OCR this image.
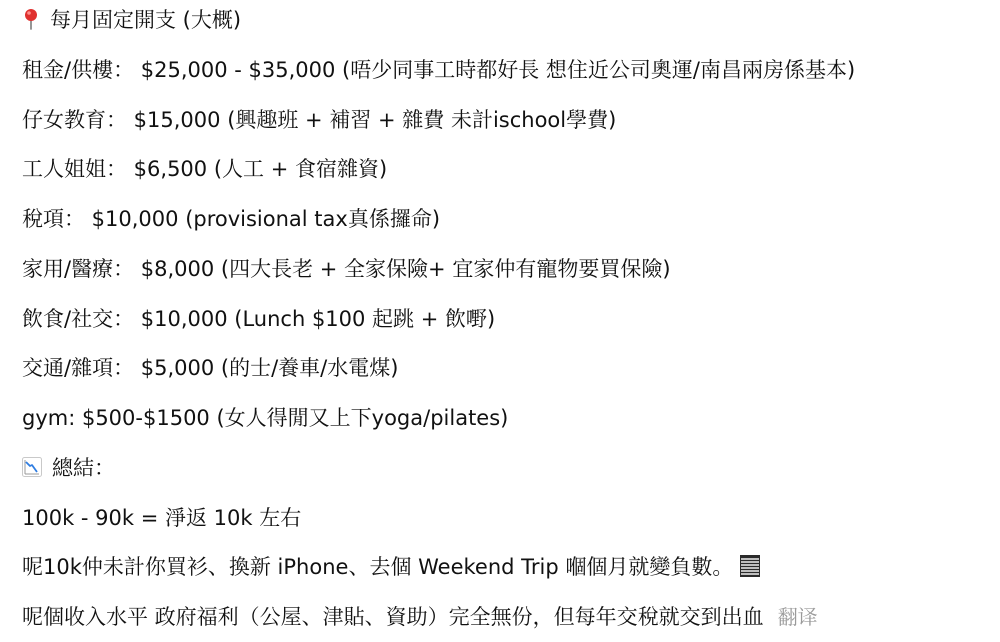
每月固定開支 (大概)
租金/供樓： $25,000 - $35,000 (唔少同事工時都好長 想住近公司奧運/南昌兩房係基本)
仔女教育： $15,000 (興趣班 + 補習 + 雜費 未計ischool學費)
工人姐姐： $6,500 (人工 + 食宿雜資)
稅項： $10,000 (provisional tax真係攞命)
家用/醫療： $8,000 (四大長老 + 全家保險+ 宜家仲有寵物要買保險)
飲食/社交： $10,000 (Lunch $100 起跳 + 飲嘢)
交通/雜項： $5,000 (的士/養車/水電煤)
gym: $500-$1500 (女人得閒又上下yoga/pilates)
總結：
100k - 90k = 淨返 10k 左右
呢10k仲未計你買衫、換新 iPhone、去個 Weekend Trip 嗰個月就變負數。
呢個收入水平 政府福利（公屋、津貼、資助）完全無份，但每年交稅就交到出血 翻译
